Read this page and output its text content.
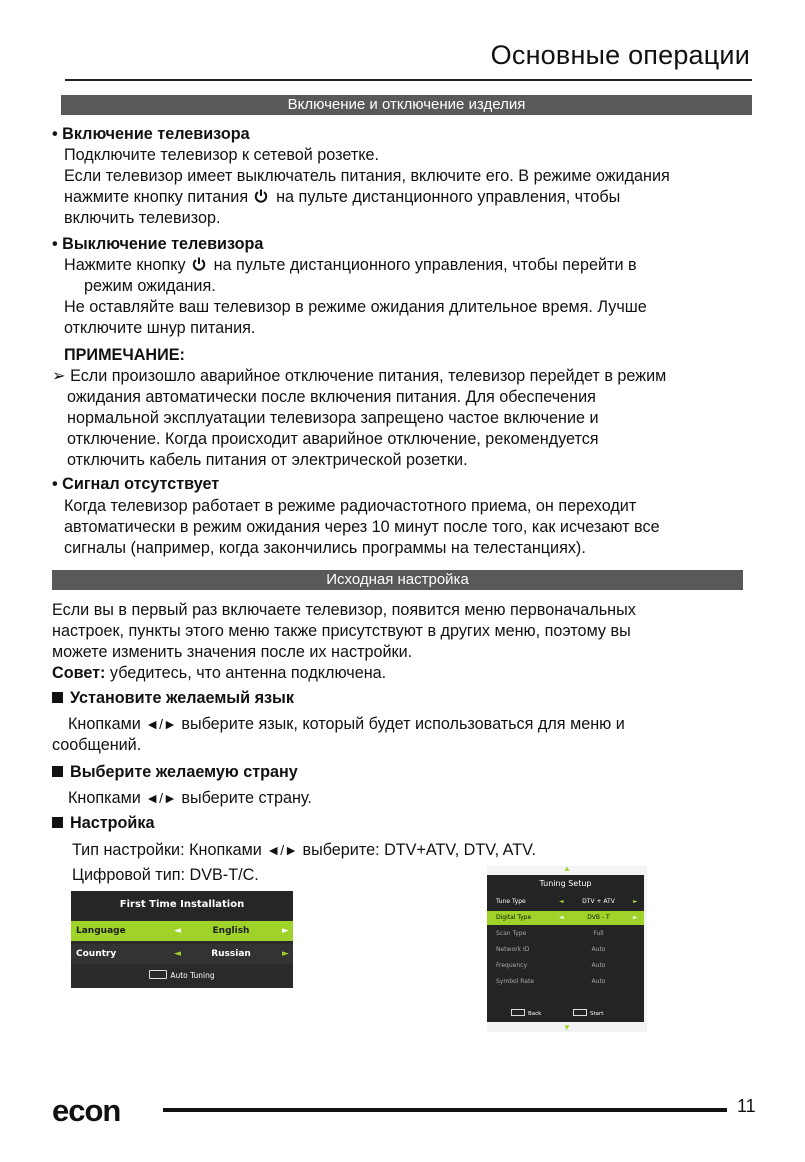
Основные операции
Включение и отключение изделия
• Включение телевизора
Подключите телевизор к сетевой розетке.
Если телевизор имеет выключатель питания, включите его. В режиме ожидания
нажмите кнопку питания на пульте дистанционного управления, чтобы
включить телевизор.
• Выключение телевизора
Нажмите кнопку на пульте дистанционного управления, чтобы перейти в
режим ожидания.
Не оставляйте ваш телевизор в режиме ожидания длительное время. Лучше
отключите шнур питания.
ПРИМЕЧАНИЕ:
➢ Если произошло аварийное отключение питания, телевизор перейдет в режим
ожидания автоматически после включения питания. Для обеспечения
нормальной эксплуатации телевизора запрещено частое включение и
отключение. Когда происходит аварийное отключение, рекомендуется
отключить кабель питания от электрической розетки.
• Сигнал отсутствует
Когда телевизор работает в режиме радиочастотного приема, он переходит
автоматически в режим ожидания через 10 минут после того, как исчезают все
сигналы (например, когда закончились программы на телестанциях).
Исходная настройка
Если вы в первый раз включаете телевизор, появится меню первоначальных
настроек, пункты этого меню также присутствуют в других меню, поэтому вы
можете изменить значения после их настройки.
Совет: убедитесь, что антенна подключена.
Установите желаемый язык
Кнопками ◄/► выберите язык, который будет использоваться для меню и
сообщений.
Выберите желаемую страну
Кнопками ◄/► выберите страну.
Настройка
Тип настройки: Кнопками ◄/► выберите: DTV+ATV, DTV, ATV.
Цифровой тип: DVB-T/C.
First Time Installation
Language	◄	English	►
Country	◄	Russian	►
Auto Tuning
▲
▼
Tuning Setup
Tune Type	◄	DTV + ATV	►
Digital Type	◄	DVB - T	►
Scan Type	Full
Network ID	Auto
Frequency	Auto
Symbol Rate	Auto
Back	Start
econ	11
